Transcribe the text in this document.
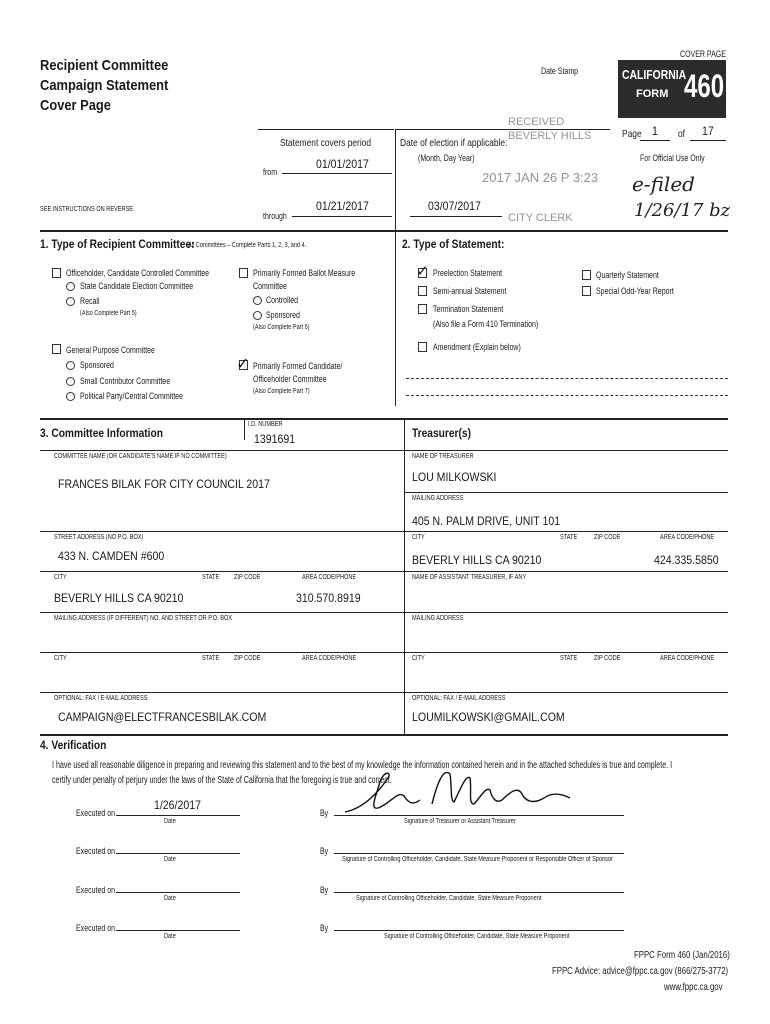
Recipient Committee
Campaign Statement
Cover Page
COVER PAGE
Date Stamp	CALIFORNIA
FORM 460
Page 1 of 17
For Official Use Only
Statement covers period
from
01/01/2017
through
01/21/2017
Date of election if applicable:
(Month, Day Year)
03/07/2017
RECEIVED
BEVERLY HILLS
2017 JAN 26 P 3:23
CITY CLERK
e-filed
1/26/17 bz
SEE INSTRUCTIONS ON REVERSE
1. Type of Recipient Committee:
All Committees – Complete Parts 1, 2, 3, and 4.
Officeholder, Candidate Controlled Committee
State Candidate Election Committee
Recall
(Also Complete Part 5)
General Purpose Committee
Sponsored
Small Contributor Committee
Political Party/Central Committee
Primarily Formed Ballot Measure
Committee
Controlled
Sponsored
(Also Complete Part 6)
✓ Primarily Formed Candidate/
Officeholder Committee
(Also Complete Part 7)
2. Type of Statement:
✓ Preelection Statement
Semi-annual Statement
Termination Statement
(Also file a Form 410 Termination)
Amendment (Explain below)
Quarterly Statement
Special Odd-Year Report
3. Committee Information
I.D. NUMBER
1391691
COMMITTEE NAME (OR CANDIDATE'S NAME IF NO COMMITTEE)
FRANCES BILAK FOR CITY COUNCIL 2017
STREET ADDRESS (NO P.O. BOX)
433 N. CAMDEN #600
CITY	STATE ZIP CODE	AREA CODE/PHONE
BEVERLY HILLS CA 90210	310.570.8919
MAILING ADDRESS (IF DIFFERENT) NO. AND STREET OR P.O. BOX
CITY	STATE ZIP CODE	AREA CODE/PHONE
OPTIONAL: FAX / E-MAIL ADDRESS
CAMPAIGN@ELECTFRANCESBILAK.COM
Treasurer(s)
NAME OF TREASURER
LOU MILKOWSKI
MAILING ADDRESS
405 N. PALM DRIVE, UNIT 101
CITY	STATE ZIP CODE	AREA CODE/PHONE
BEVERLY HILLS CA 90210	424.335.5850
NAME OF ASSISTANT TREASURER, IF ANY
MAILING ADDRESS
CITY	STATE ZIP CODE	AREA CODE/PHONE
OPTIONAL: FAX / E-MAIL ADDRESS
LOUMILKOWSKI@GMAIL.COM
4. Verification
I have used all reasonable diligence in preparing and reviewing this statement and to the best of my knowledge the information contained herein and in the attached schedules is true and complete. I
certify under penalty of perjury under the laws of the State of California that the foregoing is true and correct.
Executed on
1/26/2017
Date
By
Signature of Treasurer or Assistant Treasurer
Executed on
Date
By
Signature of Controlling Officeholder, Candidate, State Measure Proponent or Responsible Officer of Sponsor
Executed on
Date
By
Signature of Controlling Officeholder, Candidate, State Measure Proponent
Executed on
Date
By
Signature of Controlling Officeholder, Candidate, State Measure Proponent
FPPC Form 460 (Jan/2016)
FPPC Advice: advice@fppc.ca.gov (866/275-3772)
www.fppc.ca.gov
